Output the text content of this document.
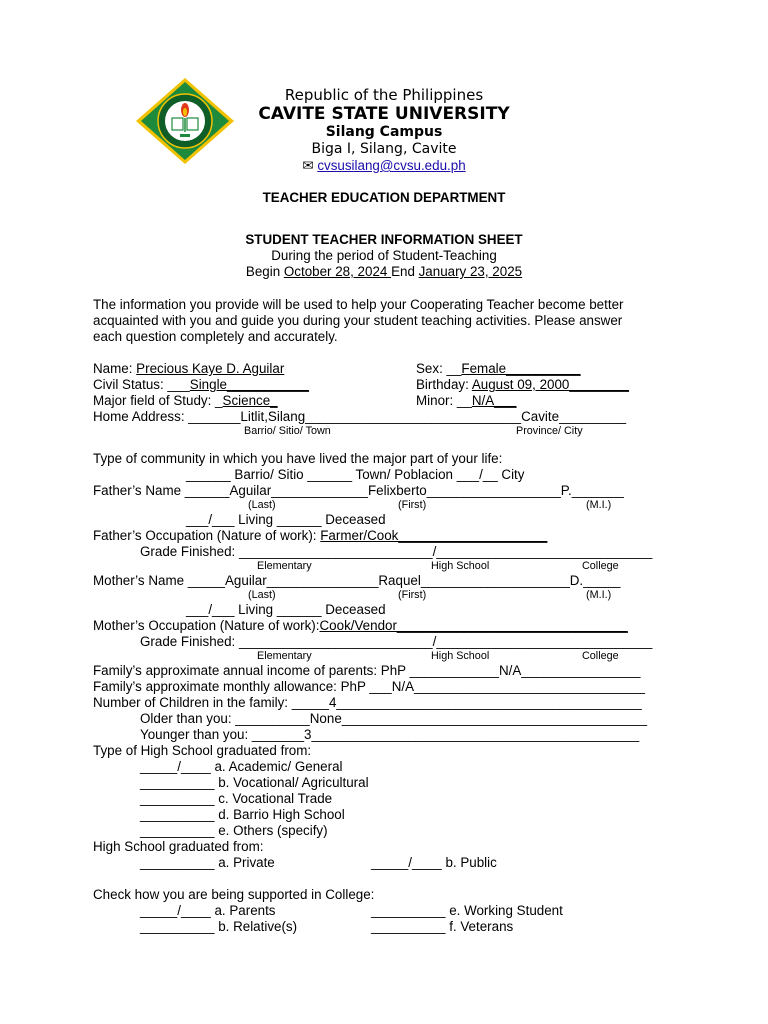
Republic of the Philippines
CAVITE STATE UNIVERSITY
Silang Campus
Biga I, Silang, Cavite
✉ cvsusilang@cvsu.edu.ph
TEACHER EDUCATION DEPARTMENT
STUDENT TEACHER INFORMATION SHEET
During the period of Student-Teaching
Begin October 28, 2024 End January 23, 2025
The information you provide will be used to help your Cooperating Teacher become better
acquainted with you and guide you during your student teaching activities. Please answer
each question completely and accurately.
Name: Precious Kaye D. Aguilar	Sex: __Female__________
Civil Status: ___Single___________	Birthday: August 09, 2000________
Major field of Study: _Science_	Minor: __N/A___
Home Address: _______Litlit,Silang_____________________________Cavite_________
Barrio/ Sitio/ Town	Province/ City
Type of community in which you have lived the major part of your life:
______ Barrio/ Sitio ______ Town/ Poblacion ___/__ City
Father’s Name ______Aguilar_____________Felixberto__________________P._______
(Last)	(First)	(M.I.)
___/___ Living ______ Deceased
Father’s Occupation (Nature of work): Farmer/Cook____________________
Grade Finished: __________________________/_____________________________
Elementary	High School	College
Mother’s Name _____Aguilar_______________Raquel____________________D._____
(Last)	(First)	(M.I.)
___/___ Living ______ Deceased
Mother’s Occupation (Nature of work):Cook/Vendor_______________________________
Grade Finished: __________________________/_____________________________
Elementary	High School	College
Family’s approximate annual income of parents: PhP ____________N/A________________
Family’s approximate monthly allowance: PhP ___N/A_______________________________
Number of Children in the family: _____4_________________________________________
Older than you: __________None_________________________________________
Younger than you: _______3____________________________________________
Type of High School graduated from:
_____/____ a. Academic/ General
__________ b. Vocational/ Agricultural
__________ c. Vocational Trade
__________ d. Barrio High School
__________ e. Others (specify)
High School graduated from:
__________ a. Private	_____/____ b. Public
Check how you are being supported in College:
_____/____ a. Parents	__________ e. Working Student
__________ b. Relative(s)	__________ f. Veterans
